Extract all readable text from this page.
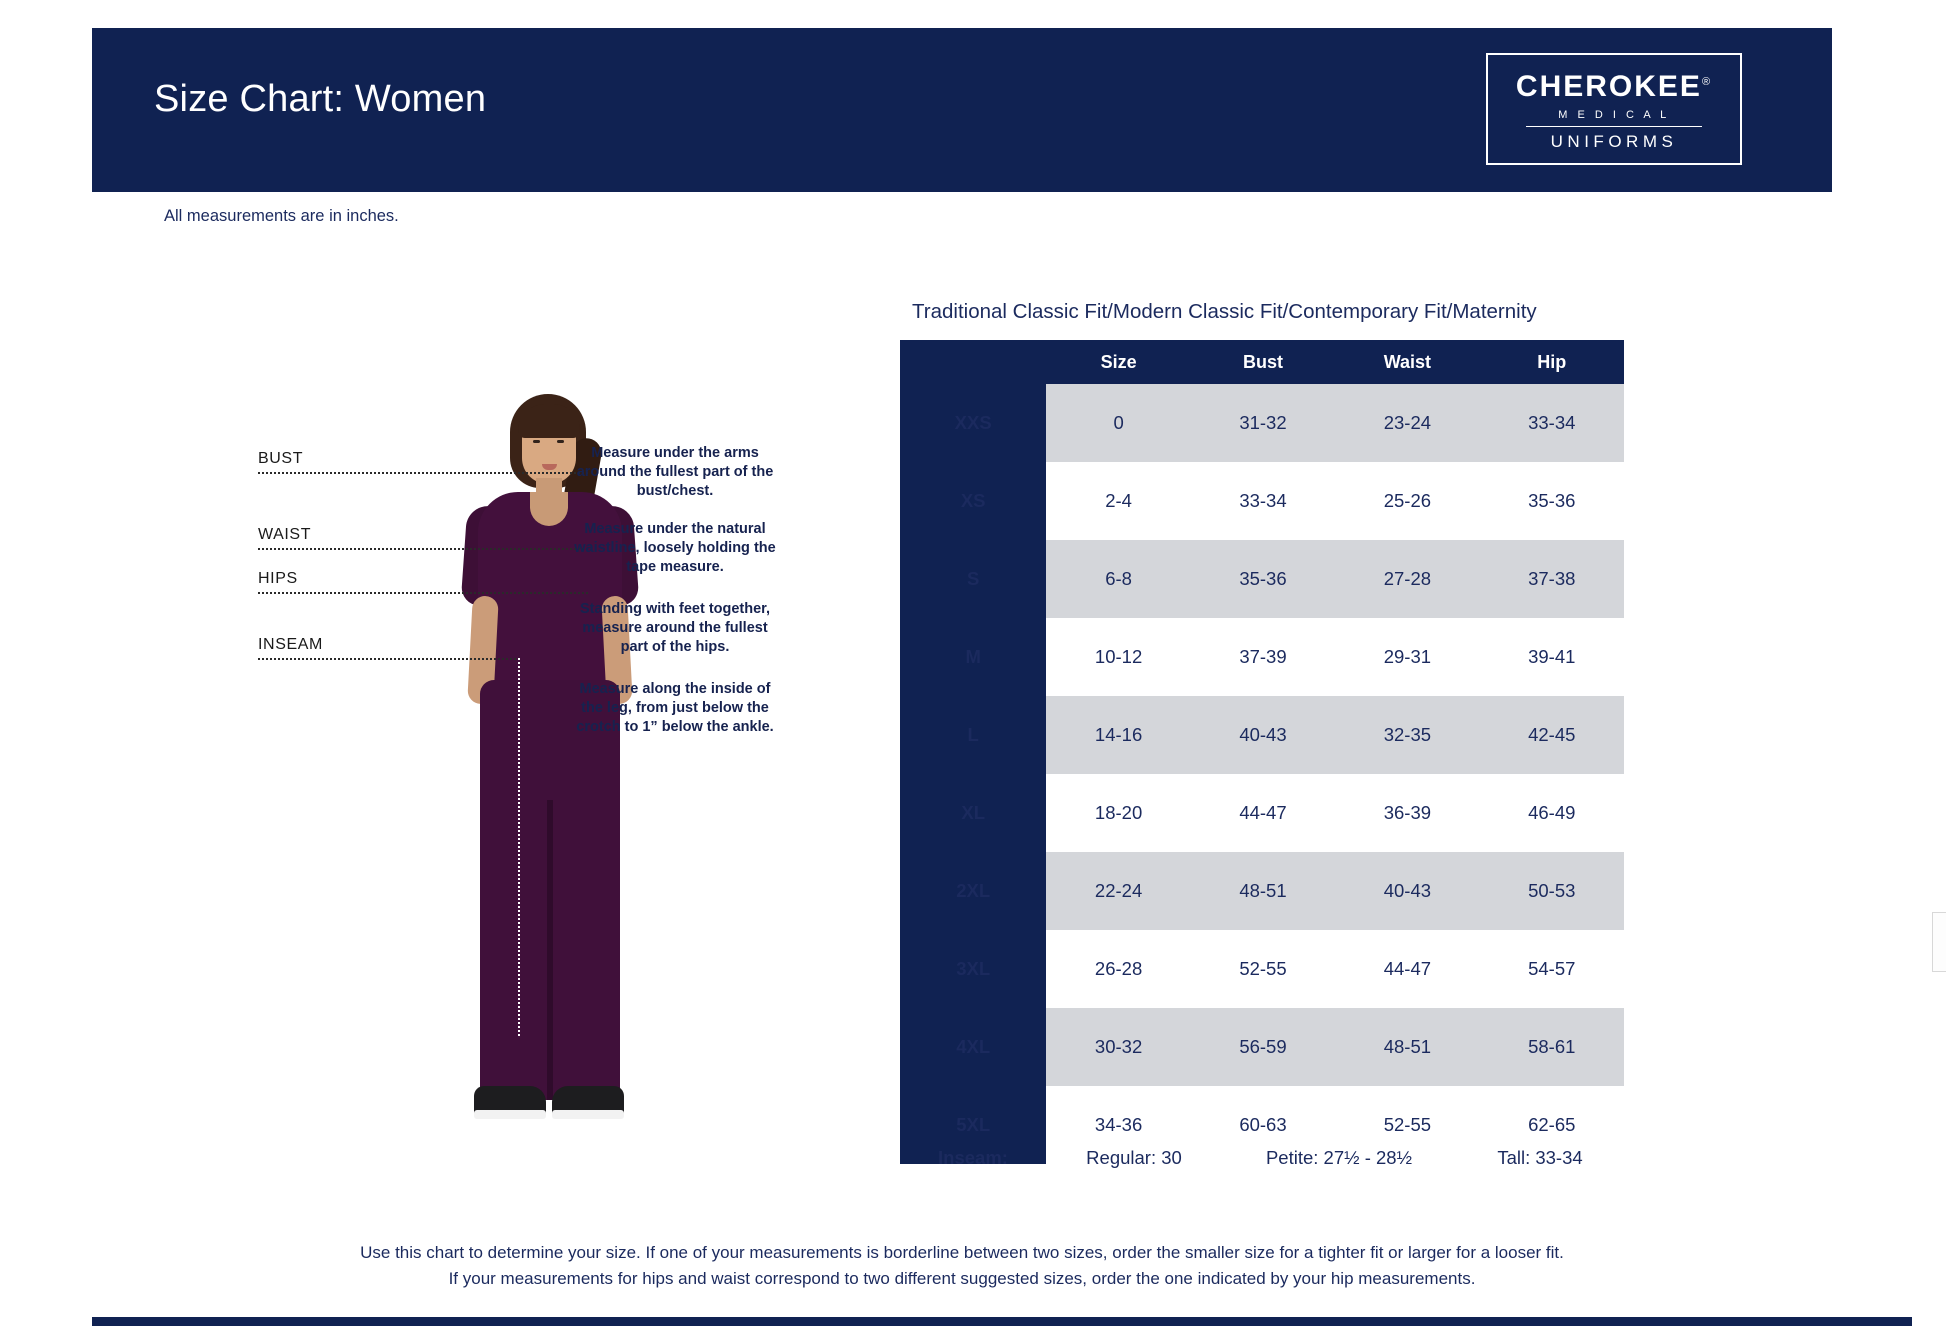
Size Chart: Women	CHEROKEE®
M E D I C A L
UNIFORMS
All measurements are in inches.
BUST
WAIST
HIPS
INSEAM
Measure under the arms around the fullest part of the bust/chest.
Measure under the natural waistline, loosely holding the tape measure.
Standing with feet together, measure around the fullest part of the hips.
Measure along the inside of the leg, from just below the crotch to 1” below the ankle.
Traditional Classic Fit/Modern Classic Fit/Contemporary Fit/Maternity
	Size	Bust	Waist	Hip
XXS	0	31-32	23-24	33-34
XS	2-4	33-34	25-26	35-36
S	6-8	35-36	27-28	37-38
M	10-12	37-39	29-31	39-41
L	14-16	40-43	32-35	42-45
XL	18-20	44-47	36-39	46-49
2XL	22-24	48-51	40-43	50-53
3XL	26-28	52-55	44-47	54-57
4XL	30-32	56-59	48-51	58-61
5XL	34-36	60-63	52-55	62-65
Inseam:	Regular: 30	Petite: 27½ - 28½	Tall: 33-34
Use this chart to determine your size. If one of your measurements is borderline between two sizes, order the smaller size for a tighter fit or larger for a looser fit.
If your measurements for hips and waist correspond to two different suggested sizes, order the one indicated by your hip measurements.
